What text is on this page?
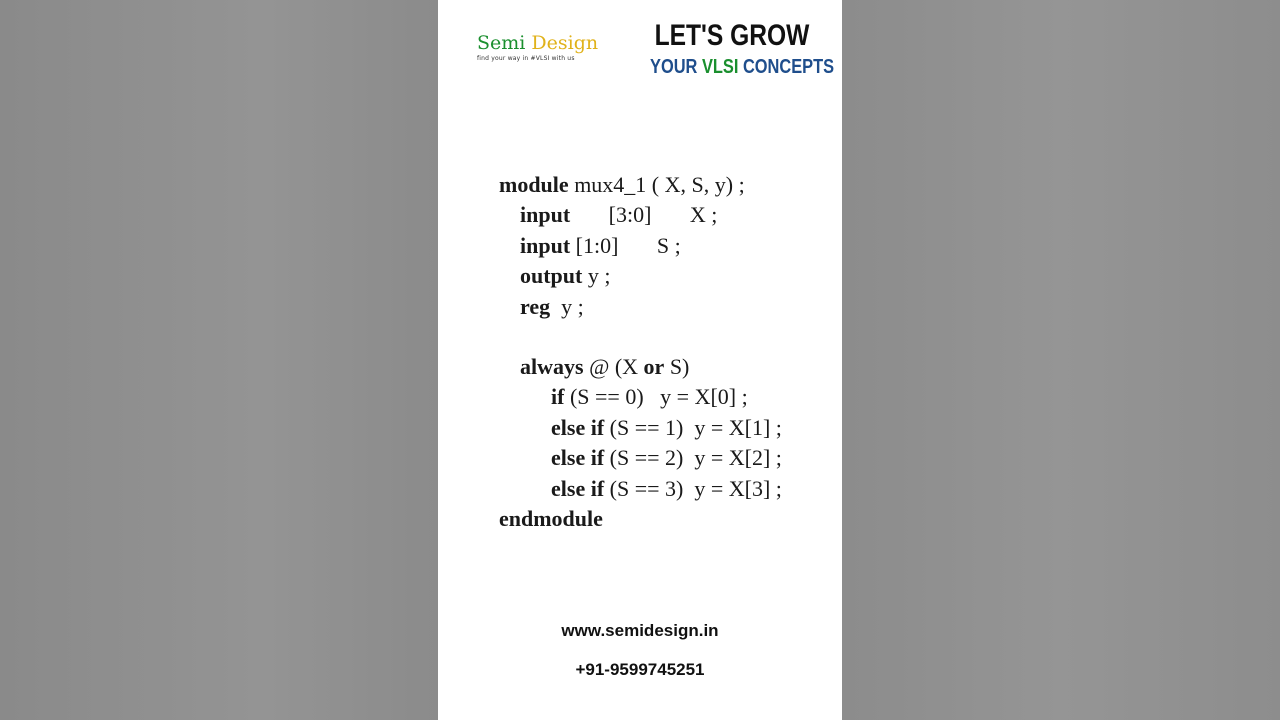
Semi Design
find your way in #VLSI with us
LET'S GROW
YOUR VLSI CONCEPTS
module mux4_1 ( X, S, y) ;
input       [3:0]       X ;
input [1:0]       S ;
output y ;
reg  y ;
always @ (X or S)
if (S == 0)   y = X[0] ;
else if (S == 1)  y = X[1] ;
else if (S == 2)  y = X[2] ;
else if (S == 3)  y = X[3] ;
endmodule
www.semidesign.in
+91-9599745251
